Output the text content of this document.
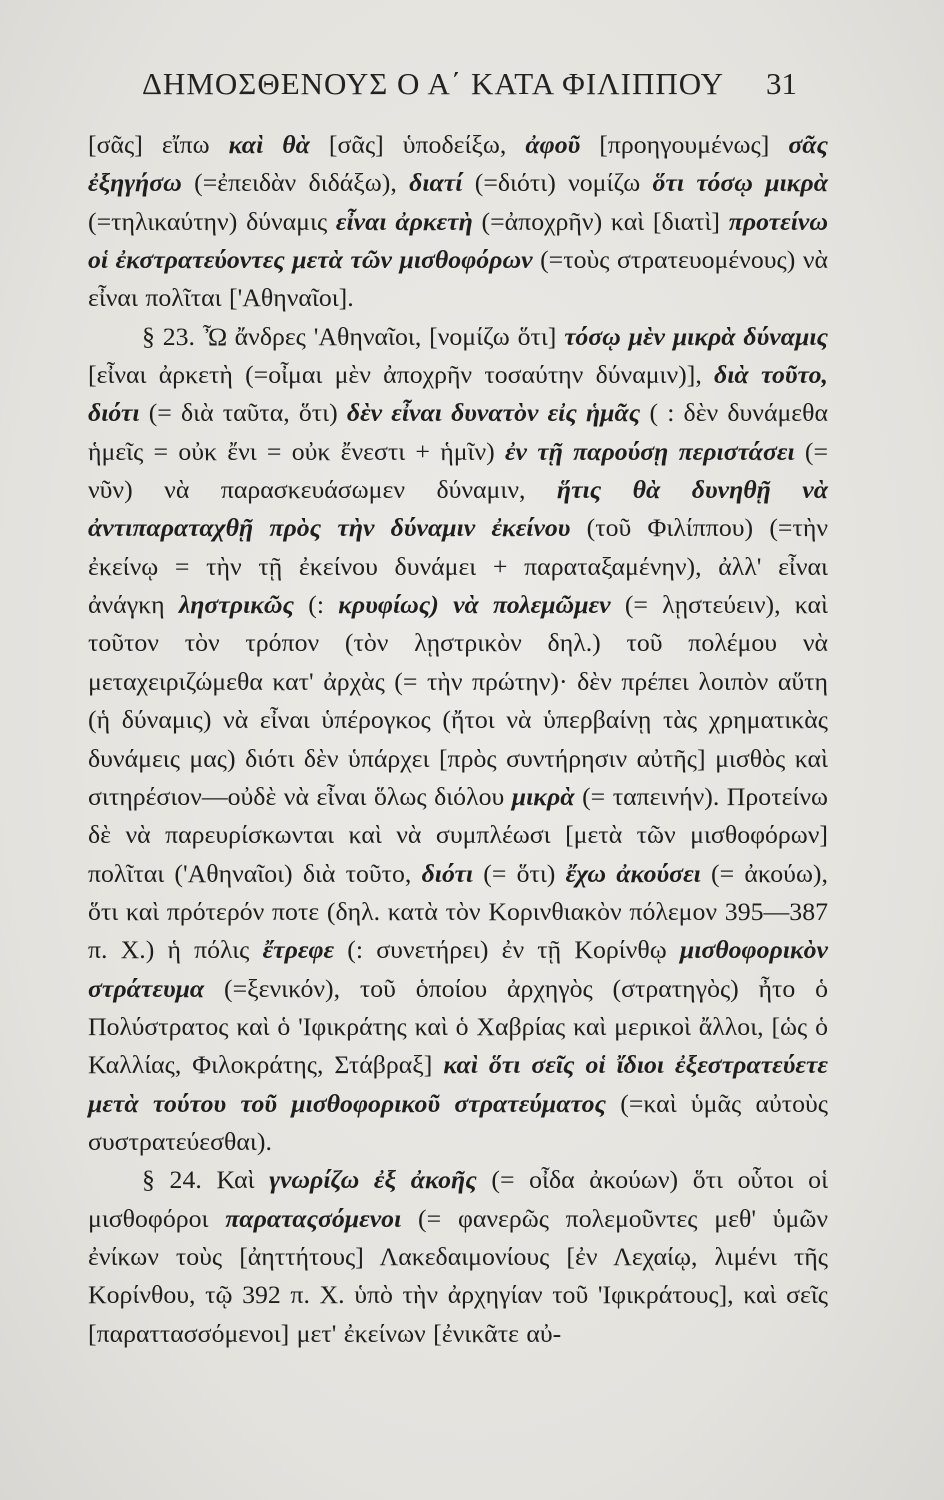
ΔΗΜΟΣΘΕΝΟΥΣ Ο Α΄ ΚΑΤΑ ΦΙΛΙΠΠΟΥ 31

[σᾶς] εἴπω καὶ θὰ [σᾶς] ὑποδείξω, ἀφοῦ [προηγουμένως] σᾶς ἐξηγήσω (=ἐπειδὰν διδάξω), διατί (=διότι) νομίζω ὅτι τόσῳ μικρὰ (=τηλικαύτην) δύναμις εἶναι ἀρκετὴ (=ἀποχρῆν) καὶ [διατὶ] προτείνω οἱ ἐκστρατεύοντες μετὰ τῶν μισθοφόρων (=τοὺς στρατευομένους) νὰ εἶναι πολῖται ['Αθηναῖοι].

§ 23. Ὦ ἄνδρες 'Αθηναῖοι, [νομίζω ὅτι] τόσῳ μὲν μικρὰ δύναμις [εἶναι ἀρκετὴ (=οἶμαι μὲν ἀποχρῆν τοσαύτην δύναμιν)], διὰ τοῦτο, διότι (= διὰ ταῦτα, ὅτι) δὲν εἶναι δυνατὸν εἰς ἡμᾶς ( : δὲν δυνάμεθα ἡμεῖς = οὐκ ἔνι = οὐκ ἔνεστι + ἡμῖν) ἐν τῇ παρούσῃ περιστάσει (= νῦν) νὰ παρασκευάσωμεν δύναμιν, ἥτις θὰ δυνηθῇ νὰ ἀντιπαραταχθῇ πρὸς τὴν δύναμιν ἐκείνου (τοῦ Φιλίππου) (=τὴν ἐκείνῳ = τὴν τῇ ἐκείνου δυνάμει + παραταξαμένην), ἀλλ' εἶναι ἀνάγκη ληστρικῶς (: κρυφίως) νὰ πολεμῶμεν (= λῃστεύειν), καὶ τοῦτον τὸν τρόπον (τὸν λῃστρικὸν δηλ.) τοῦ πολέμου νὰ μεταχειριζώμεθα κατ' ἀρχὰς (= τὴν πρώτην)· δὲν πρέπει λοιπὸν αὕτη (ἡ δύναμις) νὰ εἶναι ὑπέρογκος (ἤτοι νὰ ὑπερβαίνῃ τὰς χρηματικὰς δυνάμεις μας) διότι δὲν ὑπάρχει [πρὸς συντήρησιν αὐτῆς] μισθὸς καὶ σιτηρέσιον—οὐδὲ νὰ εἶναι ὅλως διόλου μικρὰ (= ταπεινήν). Προτείνω δὲ νὰ παρευρίσκωνται καὶ νὰ συμπλέωσι [μετὰ τῶν μισθοφόρων] πολῖται ('Αθηναῖοι) διὰ τοῦτο, διότι (= ὅτι) ἔχω ἀκούσει (= ἀκούω), ὅτι καὶ πρότερόν ποτε (δηλ. κατὰ τὸν Κορινθιακὸν πόλεμον 395—387 π. Χ.) ἡ πόλις ἔτρεφε (: συνετήρει) ἐν τῇ Κορίνθῳ μισθοφορικὸν στράτευμα (=ξενικόν), τοῦ ὁποίου ἀρχηγὸς (στρατηγὸς) ἦτο ὁ Πολύστρατος καὶ ὁ 'Ιφικράτης καὶ ὁ Χαβρίας καὶ μερικοὶ ἄλλοι, [ὡς ὁ Καλλίας, Φιλοκράτης, Στάβραξ] καὶ ὅτι σεῖς οἱ ἴδιοι ἐξεστρατεύετε μετὰ τούτου τοῦ μισθοφορικοῦ στρατεύματος (=καὶ ὑμᾶς αὐτοὺς συστρατεύεσθαι).

§ 24. Καὶ γνωρίζω ἐξ ἀκοῆς (= οἶδα ἀκούων) ὅτι οὗτοι οἱ μισθοφόροι παραταςσόμενοι (= φανερῶς πολεμοῦντες μεθ' ὑμῶν ἐνίκων τοὺς [ἀηττήτους] Λακεδαιμονίους [ἐν Λεχαίῳ, λιμένι τῆς Κορίνθου, τῷ 392 π. Χ. ὑπὸ τὴν ἀρχηγίαν τοῦ 'Ιφικράτους], καὶ σεῖς [παραττασσόμενοι] μετ' ἐκείνων [ἐνικᾶτε αὐ-
